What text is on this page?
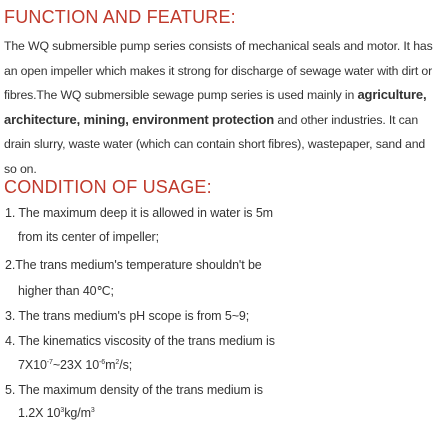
FUNCTION AND FEATURE:

The WQ submersible pump series consists of mechanical seals and motor. It has an open impeller which makes it strong for discharge of sewage water with dirt or fibres.The WQ submersible sewage pump series is used mainly in agriculture, architecture, mining, environment protection and other industries. It can drain slurry, waste water (which can contain short fibres), wastepaper, sand and so on.

CONDITION OF USAGE:

1. The maximum deep it is allowed in water is 5m

from its center of impeller;

2.The trans medium's temperature shouldn't be

higher than 40℃;

3. The trans medium's pH scope is from 5~9;

4. The kinematics viscosity of the trans medium is

$7X10^{-7}\sim 23X$ $10^{-6}m^2/s$;

5. The maximum density of the trans medium is

1.2X $10^3kg/m^3$
